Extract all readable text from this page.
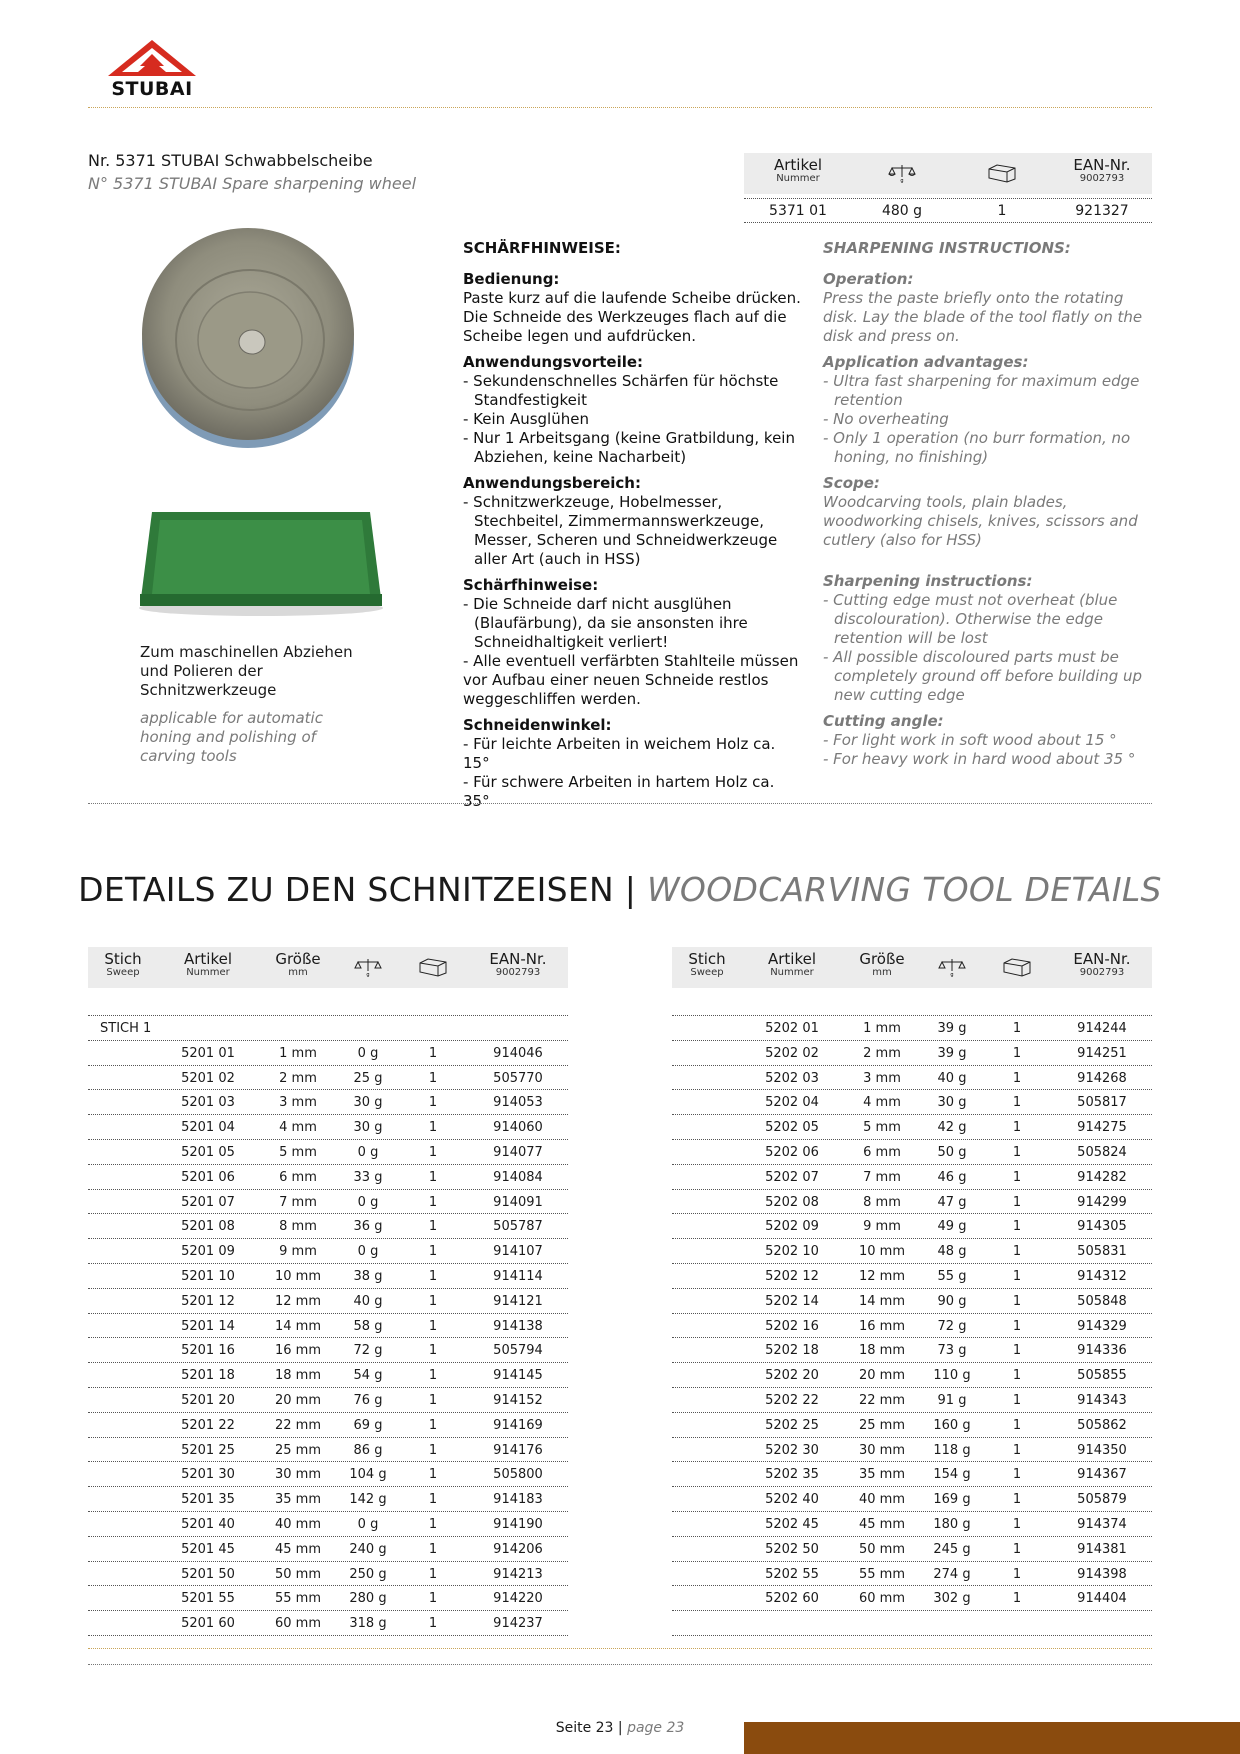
STUBAI
Nr. 5371 STUBAI Schwabbelscheibe
N° 5371 STUBAI Spare sharpening wheel
Zum maschinellen Abziehen und Polieren der Schnitzwerkzeuge
applicable for automatic honing and polishing of carving tools
Artikel
Nummer	g
EAN-Nr.
9002793
5371 01	480 g	1	921327
SCHÄRFHINWEISE:

Bedienung:
Paste kurz auf die laufende Scheibe drücken. Die Schneide des Werkzeuges flach auf die Scheibe legen und aufdrücken.

Anwendungsvorteile:
- Sekundenschnelles Schärfen für höchste Standfestigkeit
- Kein Ausglühen
- Nur 1 Arbeitsgang (keine Gratbildung, kein Abziehen, keine Nacharbeit)

Anwendungsbereich:
- Schnitzwerkzeuge, Hobelmesser, Stechbeitel, Zimmermannswerkzeuge, Messer, Scheren und Schneidwerkzeuge aller Art (auch in HSS)

Schärfhinweise:
- Die Schneide darf nicht ausglühen (Blaufärbung), da sie ansonsten ihre Schneidhaltigkeit verliert!
- Alle eventuell verfärbten Stahlteile müssen vor Aufbau einer neuen Schneide restlos weggeschliffen werden.

Schneidenwinkel:
- Für leichte Arbeiten in weichem Holz ca. 15°
- Für schwere Arbeiten in hartem Holz ca. 35°

SHARPENING INSTRUCTIONS:

Operation:
Press the paste briefly onto the rotating disk. Lay the blade of the tool flatly on the disk and press on.

Application advantages:
- Ultra fast sharpening for maximum edge retention
- No overheating
- Only 1 operation (no burr formation, no honing, no finishing)

Scope:
Woodcarving tools, plain blades, woodworking chisels, knives, scissors and cutlery (also for HSS)

Sharpening instructions:
- Cutting edge must not overheat (blue discolouration). Otherwise the edge retention will be lost
- All possible discoloured parts must be completely ground off before building up new cutting edge

Cutting angle:
- For light work in soft wood about 15 °
- For heavy work in hard wood about 35 °

DETAILS ZU DEN SCHNITZEISEN | WOODCARVING TOOL DETAILS
Stich
Sweep
Artikel
Nummer
Größe
mm	g
EAN-Nr.
9002793
STICH 1
5201 01	1 mm	0 g	1	914046
5201 02	2 mm	25 g	1	505770
5201 03	3 mm	30 g	1	914053
5201 04	4 mm	30 g	1	914060
5201 05	5 mm	0 g	1	914077
5201 06	6 mm	33 g	1	914084
5201 07	7 mm	0 g	1	914091
5201 08	8 mm	36 g	1	505787
5201 09	9 mm	0 g	1	914107
5201 10	10 mm	38 g	1	914114
5201 12	12 mm	40 g	1	914121
5201 14	14 mm	58 g	1	914138
5201 16	16 mm	72 g	1	505794
5201 18	18 mm	54 g	1	914145
5201 20	20 mm	76 g	1	914152
5201 22	22 mm	69 g	1	914169
5201 25	25 mm	86 g	1	914176
5201 30	30 mm	104 g	1	505800
5201 35	35 mm	142 g	1	914183
5201 40	40 mm	0 g	1	914190
5201 45	45 mm	240 g	1	914206
5201 50	50 mm	250 g	1	914213
5201 55	55 mm	280 g	1	914220
5201 60	60 mm	318 g	1	914237
Stich
Sweep
Artikel
Nummer
Größe
mm	g
EAN-Nr.
9002793
5202 01	1 mm	39 g	1	914244
5202 02	2 mm	39 g	1	914251
5202 03	3 mm	40 g	1	914268
5202 04	4 mm	30 g	1	505817
5202 05	5 mm	42 g	1	914275
5202 06	6 mm	50 g	1	505824
5202 07	7 mm	46 g	1	914282
5202 08	8 mm	47 g	1	914299
5202 09	9 mm	49 g	1	914305
5202 10	10 mm	48 g	1	505831
5202 12	12 mm	55 g	1	914312
5202 14	14 mm	90 g	1	505848
5202 16	16 mm	72 g	1	914329
5202 18	18 mm	73 g	1	914336
5202 20	20 mm	110 g	1	505855
5202 22	22 mm	91 g	1	914343
5202 25	25 mm	160 g	1	505862
5202 30	30 mm	118 g	1	914350
5202 35	35 mm	154 g	1	914367
5202 40	40 mm	169 g	1	505879
5202 45	45 mm	180 g	1	914374
5202 50	50 mm	245 g	1	914381
5202 55	55 mm	274 g	1	914398
5202 60	60 mm	302 g	1	914404
Seite 23 | page 23
